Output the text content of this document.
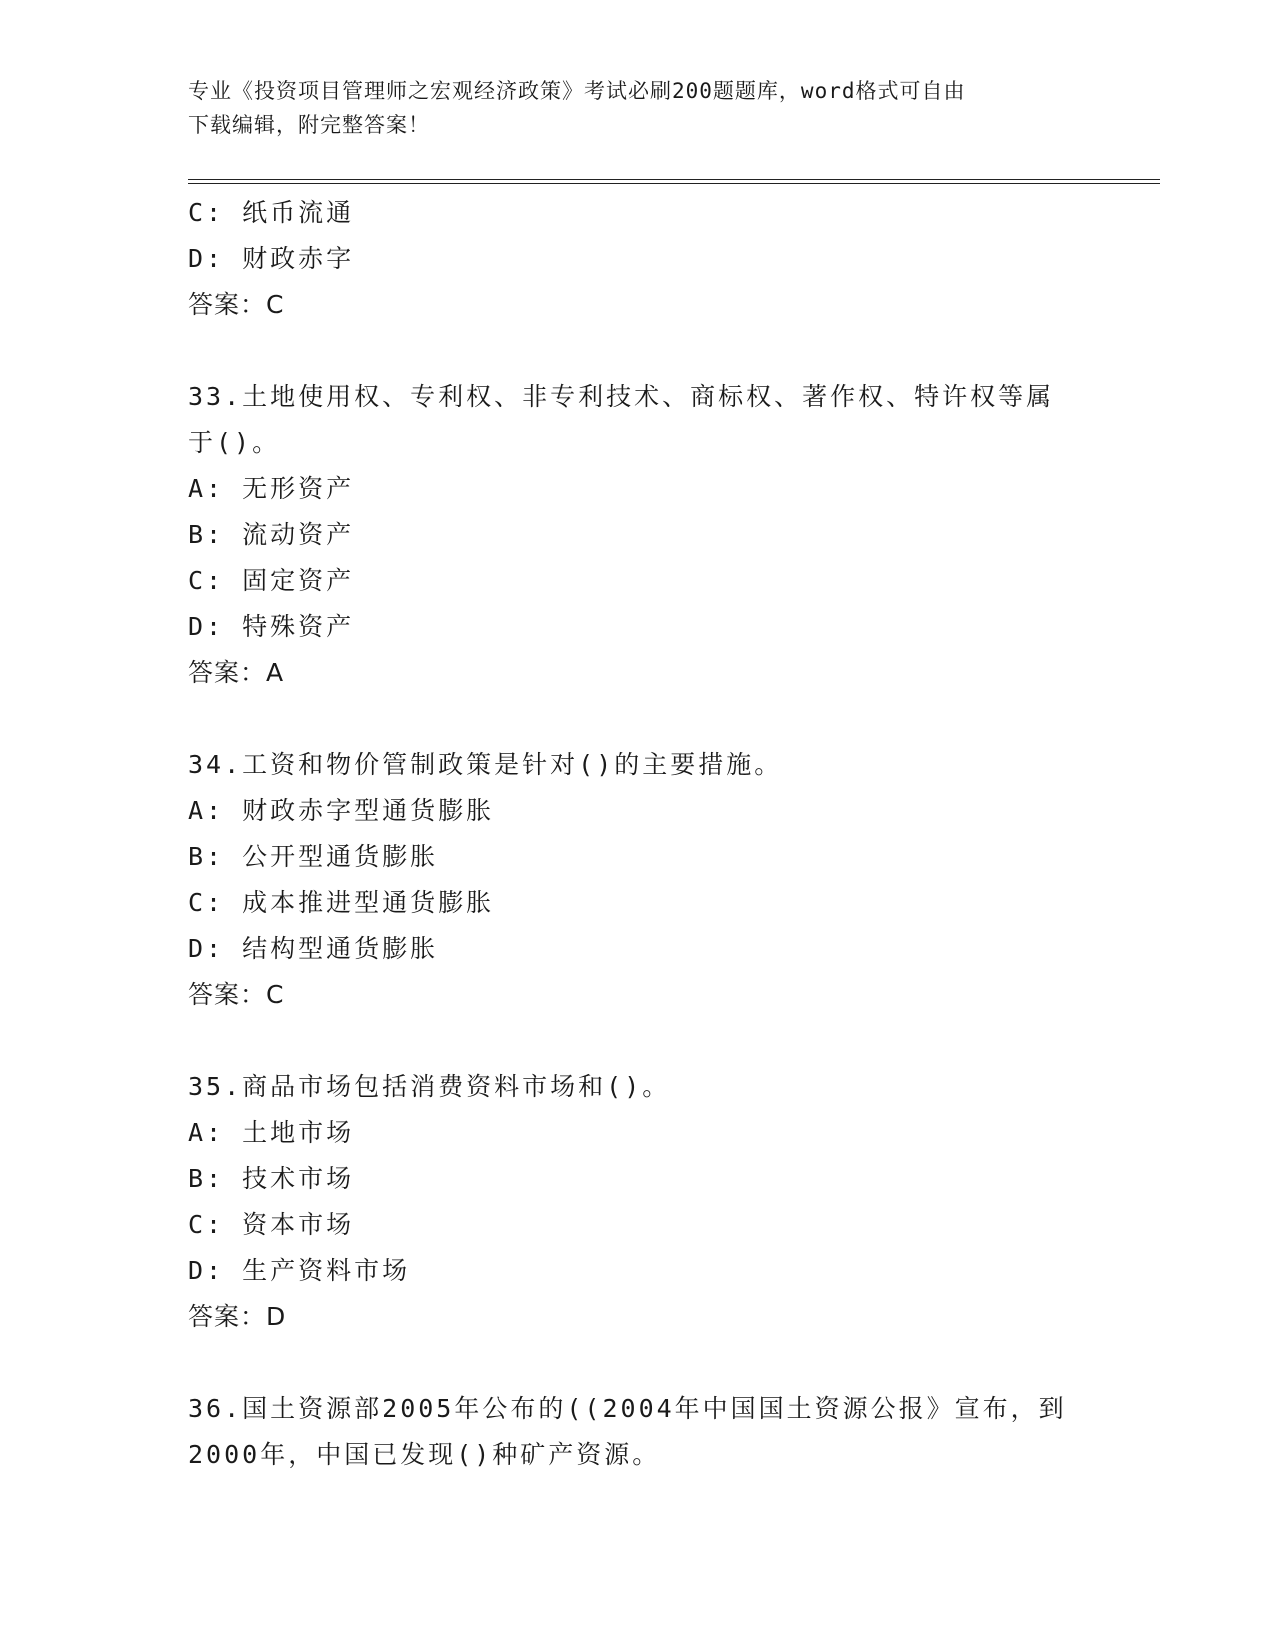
专业《投资项目管理师之宏观经济政策》考试必刷200题题库，word格式可自由
下载编辑，附完整答案！
C: 纸币流通
D: 财政赤字
答案：C
33.土地使用权、专利权、非专利技术、商标权、著作权、特许权等属
于()。
A: 无形资产
B: 流动资产
C: 固定资产
D: 特殊资产
答案：A
34.工资和物价管制政策是针对()的主要措施。
A: 财政赤字型通货膨胀
B: 公开型通货膨胀
C: 成本推进型通货膨胀
D: 结构型通货膨胀
答案：C
35.商品市场包括消费资料市场和()。
A: 土地市场
B: 技术市场
C: 资本市场
D: 生产资料市场
答案：D
36.国土资源部2005年公布的((2004年中国国土资源公报》宣布，到
2000年，中国已发现()种矿产资源。
